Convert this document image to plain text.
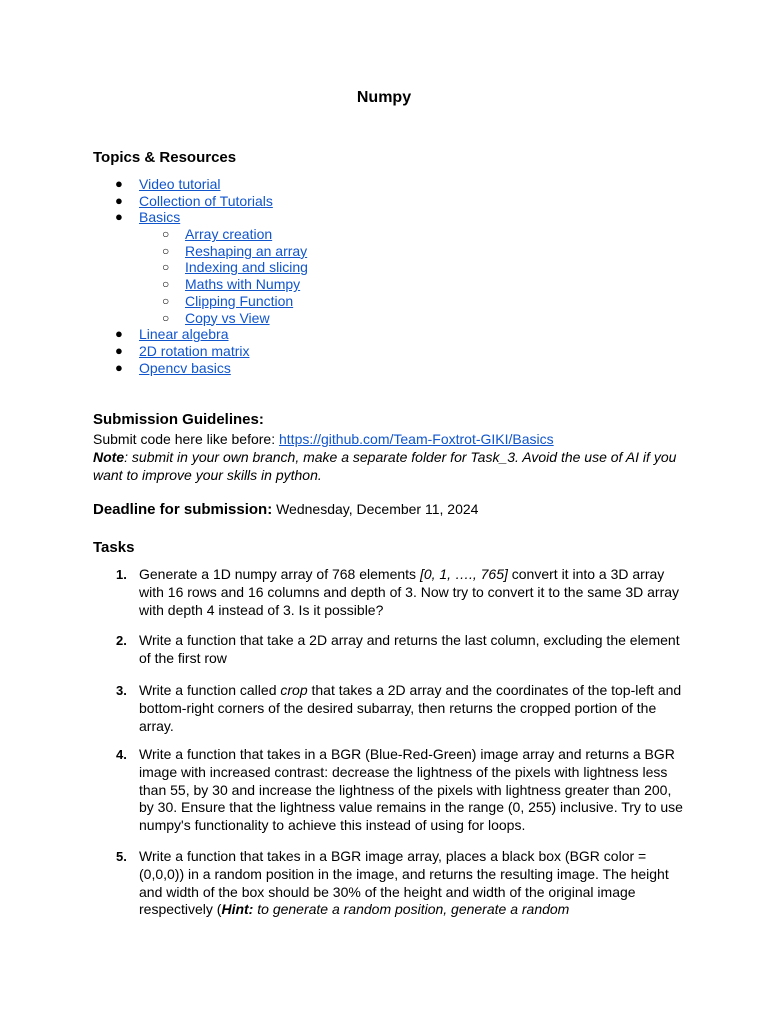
Numpy
Topics & Resources
● Video tutorial
● Collection of Tutorials
● Basics
○ Array creation
○ Reshaping an array
○ Indexing and slicing
○ Maths with Numpy
○ Clipping Function
○ Copy vs View
● Linear algebra
● 2D rotation matrix
● Opencv basics
Submission Guidelines:
Submit code here like before: https://github.com/Team-Foxtrot-GIKI/Basics
Note: submit in your own branch, make a separate folder for Task_3. Avoid the use of AI if you want to improve your skills in python.
Deadline for submission: Wednesday, December 11, 2024
Tasks
1. Generate a 1D numpy array of 768 elements [0, 1, …., 765] convert it into a 3D array with 16 rows and 16 columns and depth of 3. Now try to convert it to the same 3D array with depth 4 instead of 3. Is it possible?
2. Write a function that take a 2D array and returns the last column, excluding the element of the first row
3. Write a function called crop that takes a 2D array and the coordinates of the top-left and bottom-right corners of the desired subarray, then returns the cropped portion of the array.
4. Write a function that takes in a BGR (Blue-Red-Green) image array and returns a BGR image with increased contrast: decrease the lightness of the pixels with lightness less than 55, by 30 and increase the lightness of the pixels with lightness greater than 200, by 30. Ensure that the lightness value remains in the range (0, 255) inclusive. Try to use numpy's functionality to achieve this instead of using for loops.
5. Write a function that takes in a BGR image array, places a black box (BGR color = (0,0,0)) in a random position in the image, and returns the resulting image. The height and width of the box should be 30% of the height and width of the original image respectively (Hint: to generate a random position, generate a random
